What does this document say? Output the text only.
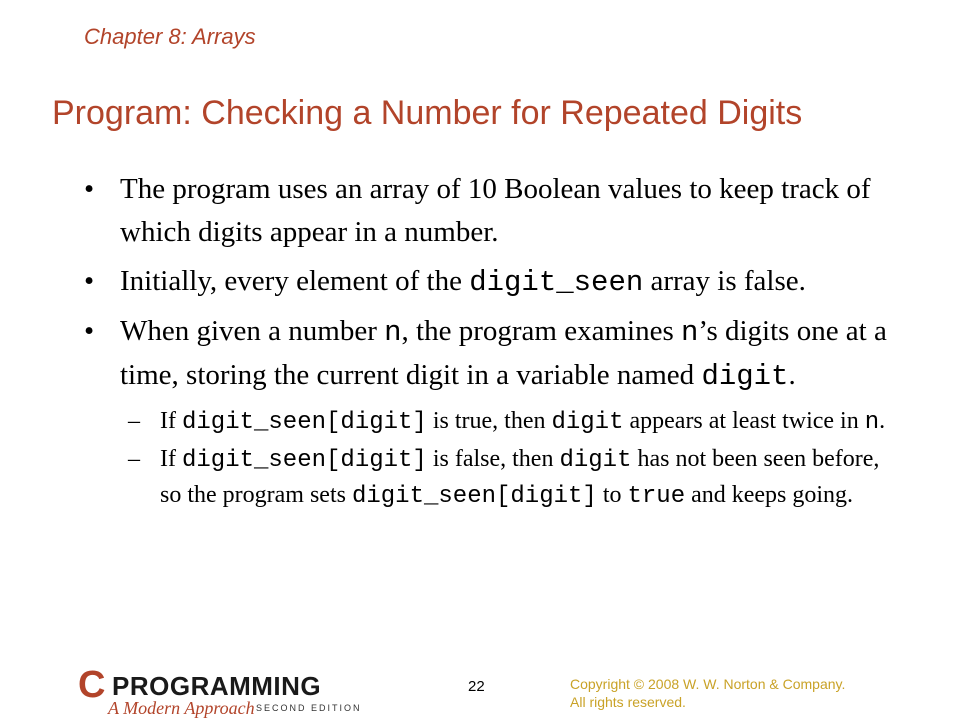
Chapter 8: Arrays
Program: Checking a Number for Repeated Digits
• The program uses an array of 10 Boolean values to keep track of which digits appear in a number.
• Initially, every element of the digit_seen array is false.
• When given a number n, the program examines n’s digits one at a time, storing the current digit in a variable named digit.
– If digit_seen[digit] is true, then digit appears at least twice in n.
– If digit_seen[digit] is false, then digit has not been seen before, so the program sets digit_seen[digit] to true and keeps going.
C PROGRAMMING
A Modern Approach SECOND EDITION
22	Copyright © 2008 W. W. Norton & Company.
All rights reserved.
